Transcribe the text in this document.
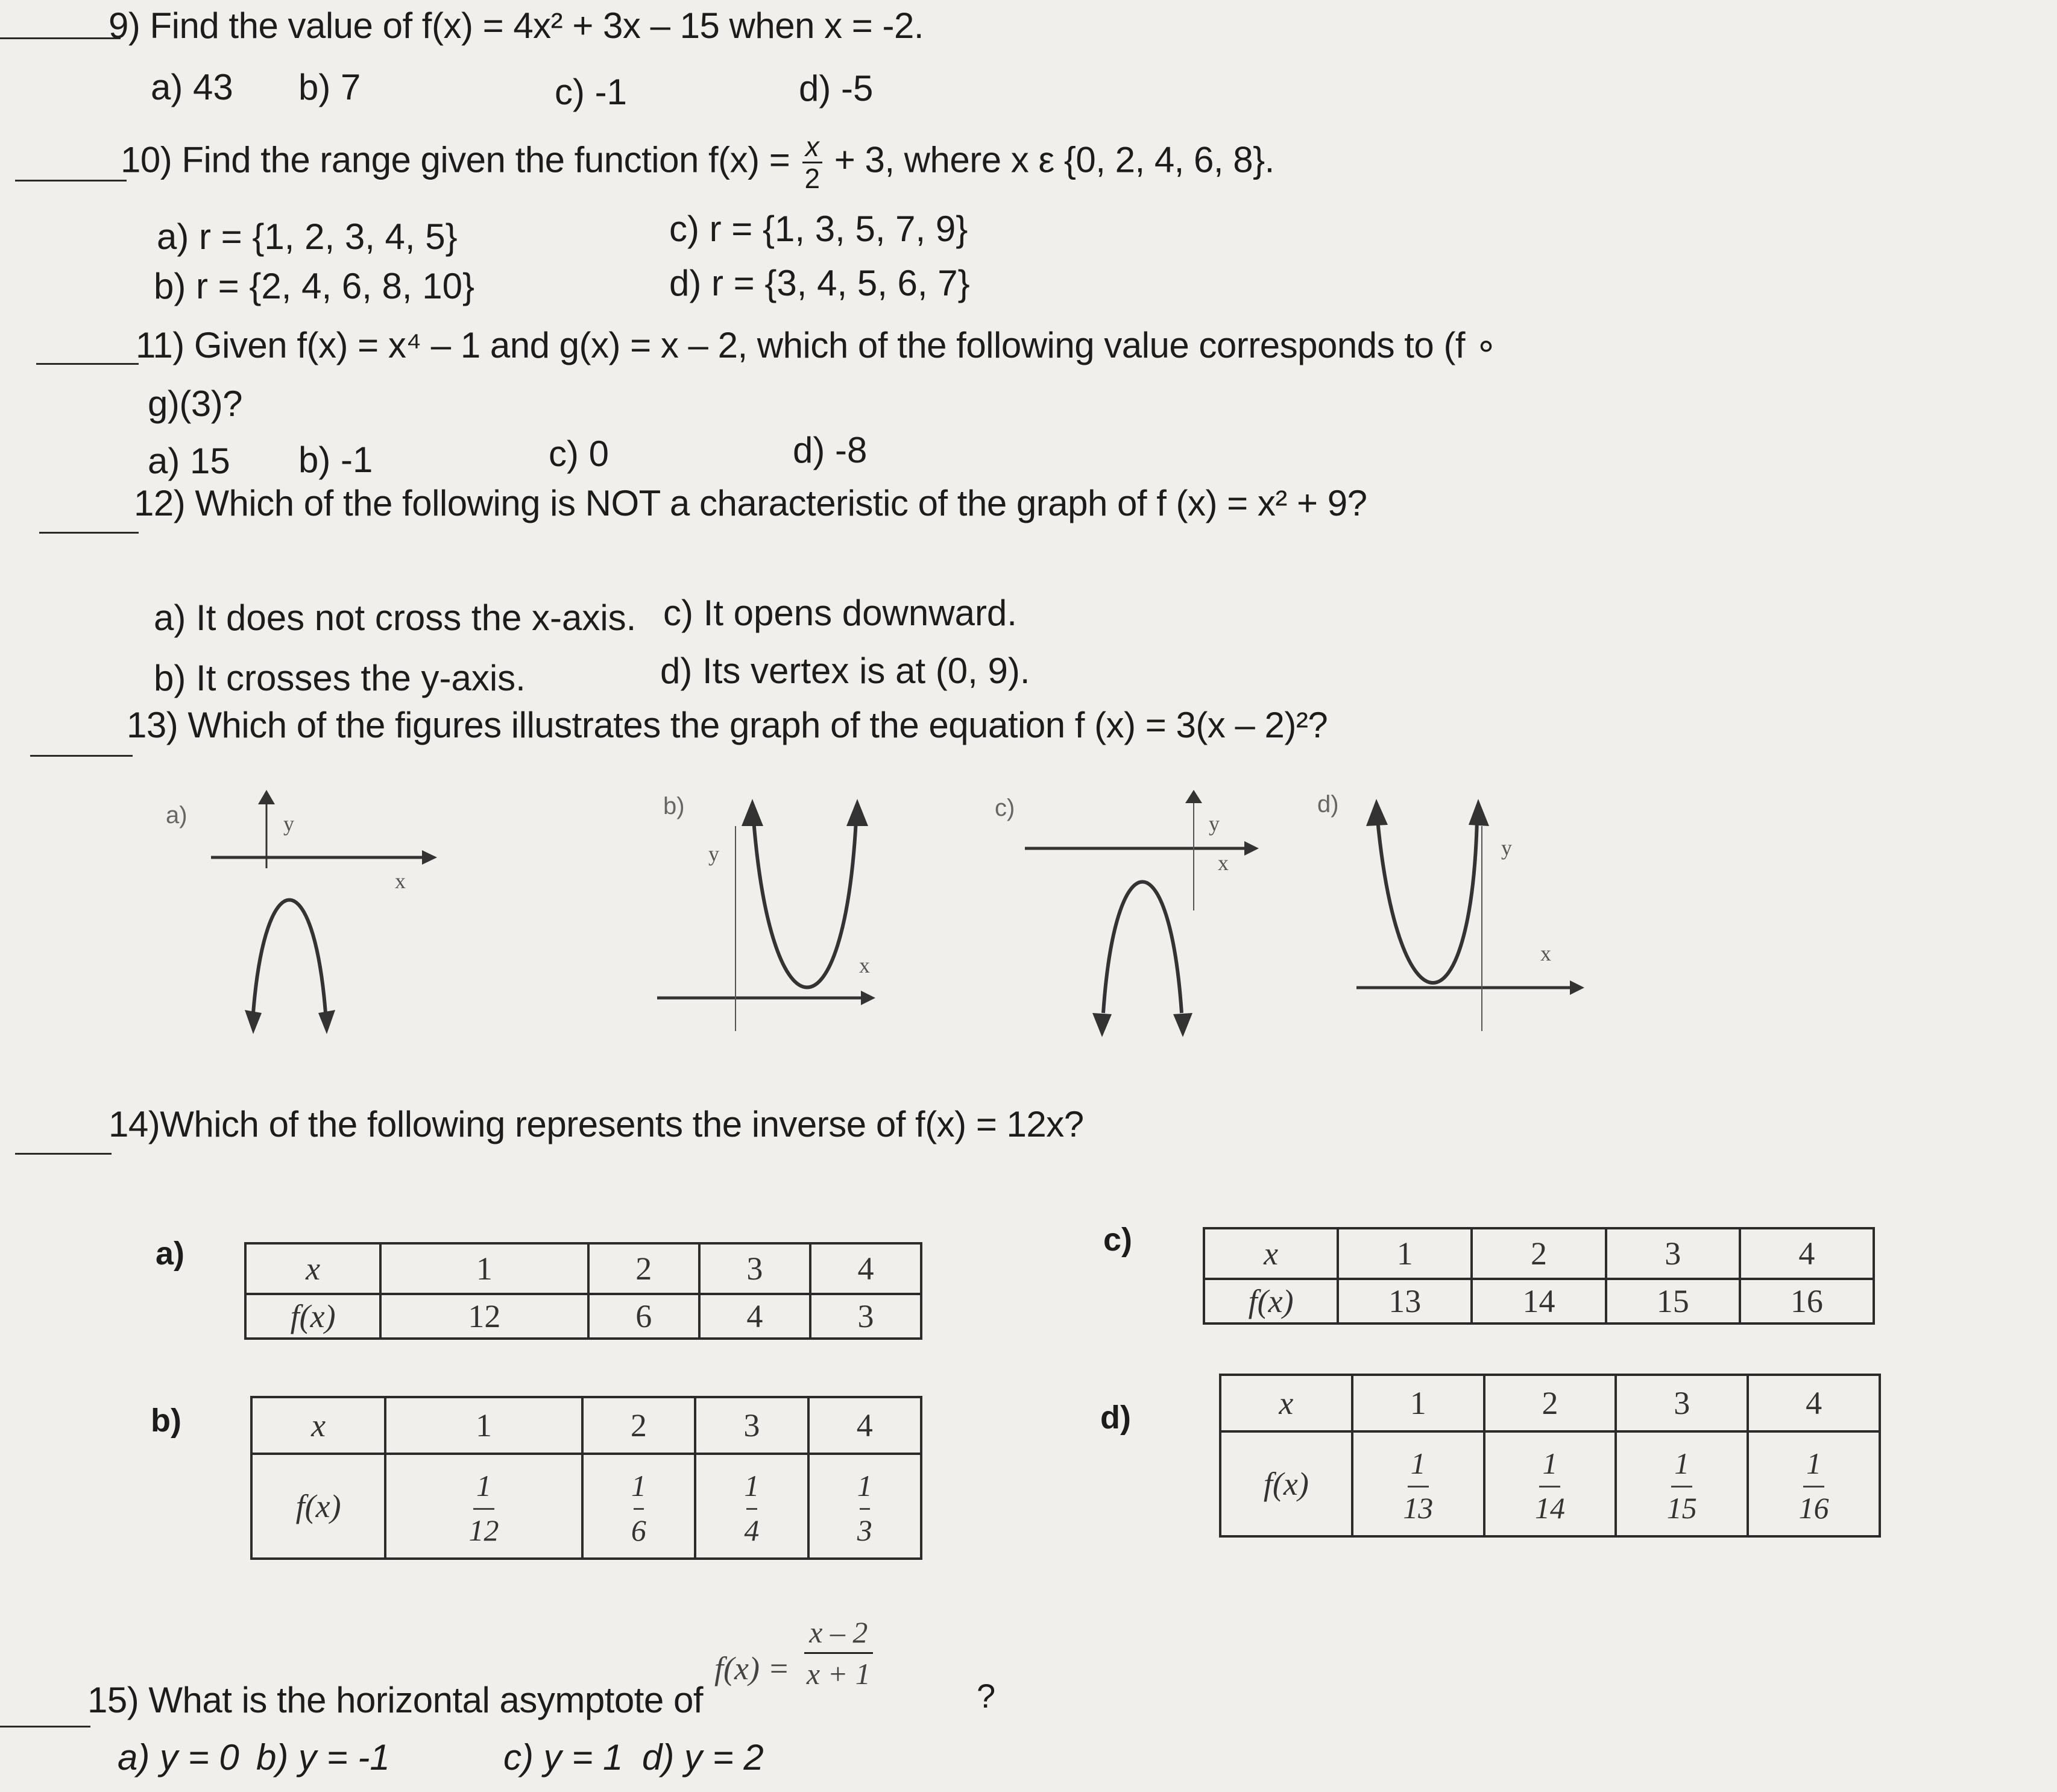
9) Find the value of f(x) = 4x² + 3x – 15 when x = -2.
a) 43 b) 7	c) -1	d) -5
10) Find the range given the function $f(x) = \frac{x}{2} + 3$, where x ε {0, 2, 4, 6, 8}.
a) r = {1, 2, 3, 4, 5}	c) r = {1, 3, 5, 7, 9}
b) r = {2, 4, 6, 8, 10}	d) r = {3, 4, 5, 6, 7}
11) Given f(x) = x⁴ – 1 and g(x) = x – 2, which of the following value corresponds to (f ∘
g)(3)?
a) 15 b) -1	c) 0	d) -8
12) Which of the following is NOT a characteristic of the graph of f (x) = x² + 9?
a) It does not cross the x-axis. c) It opens downward.
b) It crosses the y-axis.	d) Its vertex is at (0, 9).
13) Which of the figures illustrates the graph of the equation f (x) = 3(x – 2)²?
a)
x
y
b)
x
y
c)
x
y
d)
x
y
14)Which of the following represents the inverse of f(x) = 12x?
a)	x	1	2	3	4
f(x)	12	6	4	3
c)	x	1	2	3	4
f(x)	13	14	15	16
b)	x	1	2	3	4
f(x)	$\frac{1}{12}$	$\frac{1}{6}$	$\frac{1}{4}$	$\frac{1}{3}$
d)	x	1	2	3	4
f(x)	$\frac{1}{13}$	$\frac{1}{14}$	$\frac{1}{15}$	$\frac{1}{16}$
15) What is the horizontal asymptote of
$f(x) = \frac{x - 2}{x + 1}$
?
a) y = 0 b) y = -1	c) y = 1 d) y = 2
